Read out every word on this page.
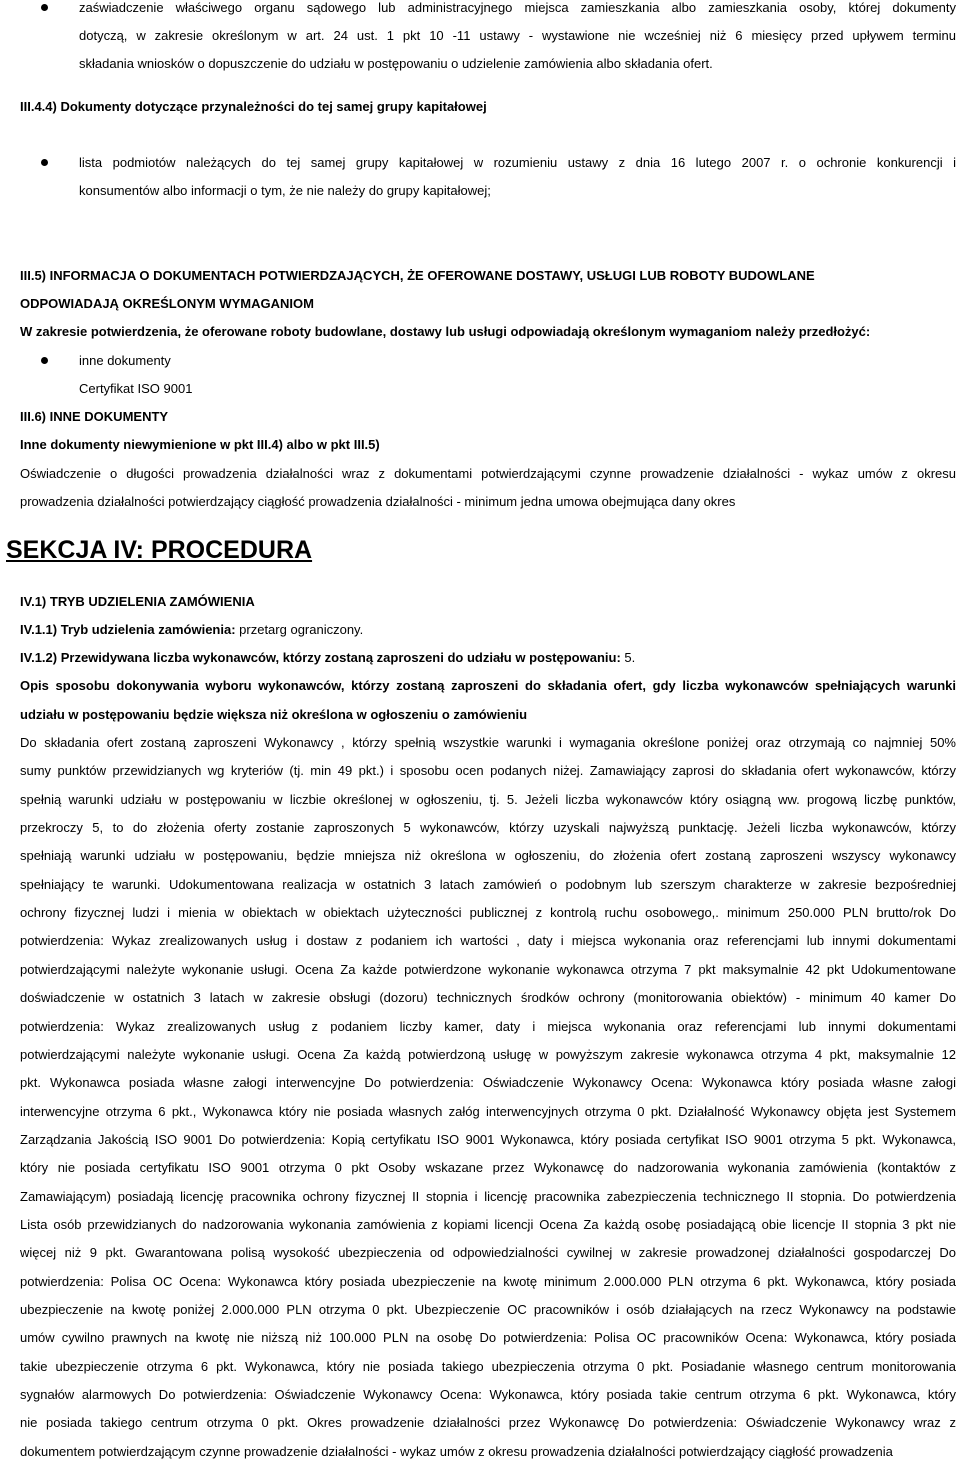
zaświadczenie właściwego organu sądowego lub administracyjnego miejsca zamieszkania albo zamieszkania osoby, której dokumenty
dotyczą, w zakresie określonym w art. 24 ust. 1 pkt 10 -11 ustawy - wystawione nie wcześniej niż 6 miesięcy przed upływem terminu
składania wniosków o dopuszczenie do udziału w postępowaniu o udzielenie zamówienia albo składania ofert.
III.4.4) Dokumenty dotyczące przynależności do tej samej grupy kapitałowej
lista podmiotów należących do tej samej grupy kapitałowej w rozumieniu ustawy z dnia 16 lutego 2007 r. o ochronie konkurencji i
konsumentów albo informacji o tym, że nie należy do grupy kapitałowej;
III.5) INFORMACJA O DOKUMENTACH POTWIERDZAJĄCYCH, ŻE OFEROWANE DOSTAWY, USŁUGI LUB ROBOTY BUDOWLANE
ODPOWIADAJĄ OKREŚLONYM WYMAGANIOM
W zakresie potwierdzenia, że oferowane roboty budowlane, dostawy lub usługi odpowiadają określonym wymaganiom należy przedłożyć:
inne dokumenty
Certyfikat ISO 9001
III.6) INNE DOKUMENTY
Inne dokumenty niewymienione w pkt III.4) albo w pkt III.5)
Oświadczenie o długości prowadzenia działalności wraz z dokumentami potwierdzającymi czynne prowadzenie działalności - wykaz umów z okresu
prowadzenia działalności potwierdzający ciągłość prowadzenia działalności - minimum jedna umowa obejmująca dany okres
SEKCJA IV: PROCEDURA
IV.1) TRYB UDZIELENIA ZAMÓWIENIA
IV.1.1) Tryb udzielenia zamówienia: przetarg ograniczony.
IV.1.2) Przewidywana liczba wykonawców, którzy zostaną zaproszeni do udziału w postępowaniu: 5.
Opis sposobu dokonywania wyboru wykonawców, którzy zostaną zaproszeni do składania ofert, gdy liczba wykonawców spełniających warunki
udziału w postępowaniu będzie większa niż określona w ogłoszeniu o zamówieniu
Do składania ofert zostaną zaproszeni Wykonawcy , którzy spełnią wszystkie warunki i wymagania określone poniżej oraz otrzymają co najmniej 50%
sumy punktów przewidzianych wg kryteriów (tj. min 49 pkt.) i sposobu ocen podanych niżej. Zamawiający zaprosi do składania ofert wykonawców, którzy
spełnią warunki udziału w postępowaniu w liczbie określonej w ogłoszeniu, tj. 5. Jeżeli liczba wykonawców który osiągną ww. progową liczbę punktów,
przekroczy 5, to do złożenia oferty zostanie zaproszonych 5 wykonawców, którzy uzyskali najwyższą punktację. Jeżeli liczba wykonawców, którzy
spełniają warunki udziału w postępowaniu, będzie mniejsza niż określona w ogłoszeniu, do złożenia ofert zostaną zaproszeni wszyscy wykonawcy
spełniający te warunki. Udokumentowana realizacja w ostatnich 3 latach zamówień o podobnym lub szerszym charakterze w zakresie bezpośredniej
ochrony fizycznej ludzi i mienia w obiektach w obiektach użyteczności publicznej z kontrolą ruchu osobowego,. minimum 250.000 PLN brutto/rok Do
potwierdzenia: Wykaz zrealizowanych usług i dostaw z podaniem ich wartości , daty i miejsca wykonania oraz referencjami lub innymi dokumentami
potwierdzającymi należyte wykonanie usługi. Ocena Za każde potwierdzone wykonanie wykonawca otrzyma 7 pkt maksymalnie 42 pkt Udokumentowane
doświadczenie w ostatnich 3 latach w zakresie obsługi (dozoru) technicznych środków ochrony (monitorowania obiektów) - minimum 40 kamer Do
potwierdzenia: Wykaz zrealizowanych usług z podaniem liczby kamer, daty i miejsca wykonania oraz referencjami lub innymi dokumentami
potwierdzającymi należyte wykonanie usługi. Ocena Za każdą potwierdzoną usługę w powyższym zakresie wykonawca otrzyma 4 pkt, maksymalnie 12
pkt. Wykonawca posiada własne załogi interwencyjne Do potwierdzenia: Oświadczenie Wykonawcy Ocena: Wykonawca który posiada własne załogi
interwencyjne otrzyma 6 pkt., Wykonawca który nie posiada własnych załóg interwencyjnych otrzyma 0 pkt. Działalność Wykonawcy objęta jest Systemem
Zarządzania Jakością ISO 9001 Do potwierdzenia: Kopią certyfikatu ISO 9001 Wykonawca, który posiada certyfikat ISO 9001 otrzyma 5 pkt. Wykonawca,
który nie posiada certyfikatu ISO 9001 otrzyma 0 pkt Osoby wskazane przez Wykonawcę do nadzorowania wykonania zamówienia (kontaktów z
Zamawiającym) posiadają licencję pracownika ochrony fizycznej II stopnia i licencję pracownika zabezpieczenia technicznego II stopnia. Do potwierdzenia
Lista osób przewidzianych do nadzorowania wykonania zamówienia z kopiami licencji Ocena Za każdą osobę posiadającą obie licencje II stopnia 3 pkt nie
więcej niż 9 pkt. Gwarantowana polisą wysokość ubezpieczenia od odpowiedzialności cywilnej w zakresie prowadzonej działalności gospodarczej Do
potwierdzenia: Polisa OC Ocena: Wykonawca który posiada ubezpieczenie na kwotę minimum 2.000.000 PLN otrzyma 6 pkt. Wykonawca, który posiada
ubezpieczenie na kwotę poniżej 2.000.000 PLN otrzyma 0 pkt. Ubezpieczenie OC pracowników i osób działających na rzecz Wykonawcy na podstawie
umów cywilno prawnych na kwotę nie niższą niż 100.000 PLN na osobę Do potwierdzenia: Polisa OC pracowników Ocena: Wykonawca, który posiada
takie ubezpieczenie otrzyma 6 pkt. Wykonawca, który nie posiada takiego ubezpieczenia otrzyma 0 pkt. Posiadanie własnego centrum monitorowania
sygnałów alarmowych Do potwierdzenia: Oświadczenie Wykonawcy Ocena: Wykonawca, który posiada takie centrum otrzyma 6 pkt. Wykonawca, który
nie posiada takiego centrum otrzyma 0 pkt. Okres prowadzenie działalności przez Wykonawcę Do potwierdzenia: Oświadczenie Wykonawcy wraz z
dokumentem potwierdzającym czynne prowadzenie działalności - wykaz umów z okresu prowadzenia działalności potwierdzający ciągłość prowadzenia
